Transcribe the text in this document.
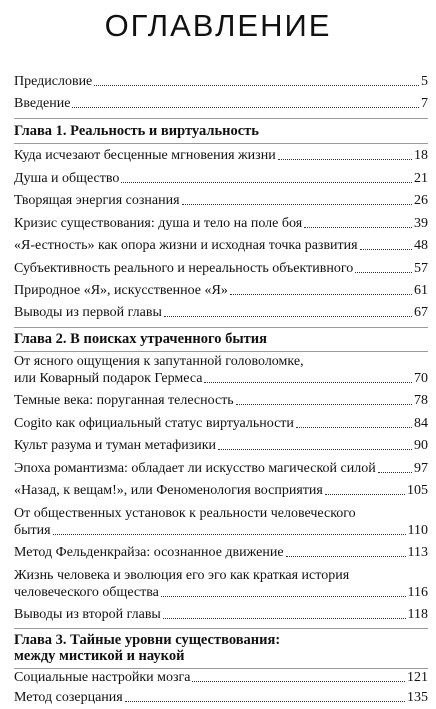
ОГЛАВЛЕНИЕ
Предисловие	5
Введение	7
Глава 1. Реальность и виртуальность
Куда исчезают бесценные мгновения жизни	18
Душа и общество	21
Творящая энергия сознания	26
Кризис существования: душа и тело на поле боя	39
«Я-естность» как опора жизни и исходная точка развития	48
Субъективность реального и нереальность объективного	57
Природное «Я», искусственное «Я»	61
Выводы из первой главы	67
Глава 2. В поисках утраченного бытия
От ясного ощущения к запутанной головоломке,
или Коварный подарок Гермеса	70
Темные века: поруганная телесность	78
Cogito как официальный статус виртуальности	84
Культ разума и туман метафизики	90
Эпоха романтизма: обладает ли искусство магической силой	97
«Назад, к вещам!», или Феноменология восприятия	105
От общественных установок к реальности человеческого
бытия	110
Метод Фельденкрайза: осознанное движение	113
Жизнь человека и эволюция его эго как краткая история
человеческого общества	116
Выводы из второй главы	118
Глава 3. Тайные уровни существования:
между мистикой и наукой
Социальные настройки мозга	121
Метод созерцания	135
